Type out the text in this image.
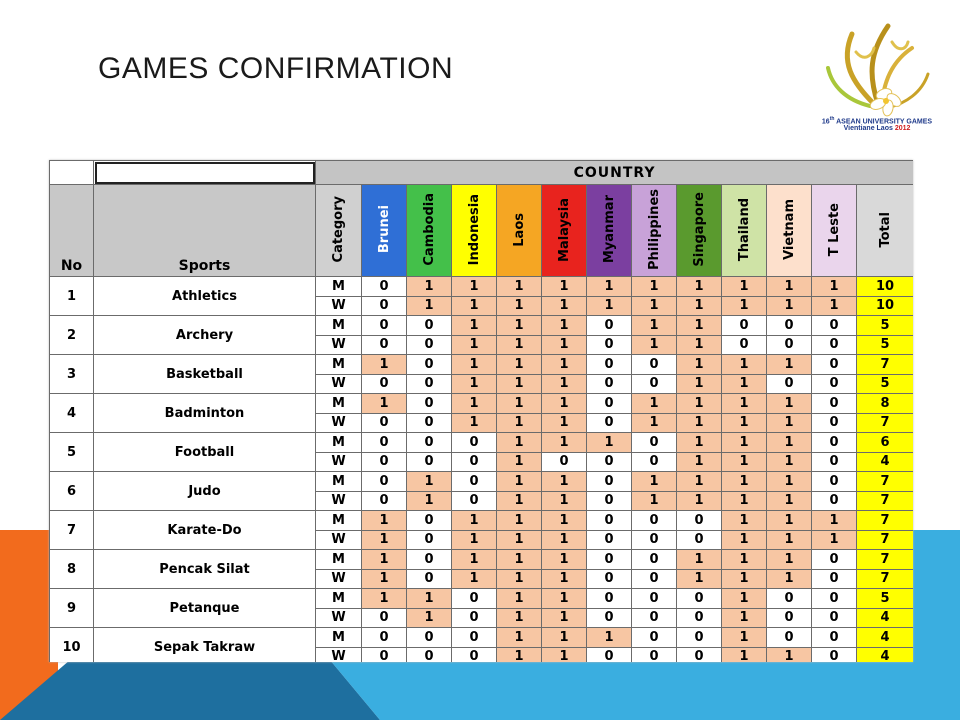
GAMES CONFIRMATION
16th ASEAN UNIVERSITY GAMES
Vientiane Laos 2012
		COUNTRY												
No	Sports	Category	Brunei	Cambodia	Indonesia	Laos	Malaysia	Myanmar	Philippines	Singapore	Thailand	Vietnam	T Leste	Total
1	Athletics	M	0	1	1	1	1	1	1	1	1	1	1	10
		W	0	1	1	1	1	1	1	1	1	1	1	10
2	Archery	M	0	0	1	1	1	0	1	1	0	0	0	5
		W	0	0	1	1	1	0	1	1	0	0	0	5
3	Basketball	M	1	0	1	1	1	0	0	1	1	1	0	7
		W	0	0	1	1	1	0	0	1	1	0	0	5
4	Badminton	M	1	0	1	1	1	0	1	1	1	1	0	8
		W	0	0	1	1	1	0	1	1	1	1	0	7
5	Football	M	0	0	0	1	1	1	0	1	1	1	0	6
		W	0	0	0	1	0	0	0	1	1	1	0	4
6	Judo	M	0	1	0	1	1	0	1	1	1	1	0	7
		W	0	1	0	1	1	0	1	1	1	1	0	7
7	Karate-Do	M	1	0	1	1	1	0	0	0	1	1	1	7
		W	1	0	1	1	1	0	0	0	1	1	1	7
8	Pencak Silat	M	1	0	1	1	1	0	0	1	1	1	0	7
		W	1	0	1	1	1	0	0	1	1	1	0	7
9	Petanque	M	1	1	0	1	1	0	0	0	1	0	0	5
		W	0	1	0	1	1	0	0	0	1	0	0	4
10	Sepak Takraw	M	0	0	0	1	1	1	0	0	1	0	0	4
		W	0	0	0	1	1	0	0	0	1	1	0	4
